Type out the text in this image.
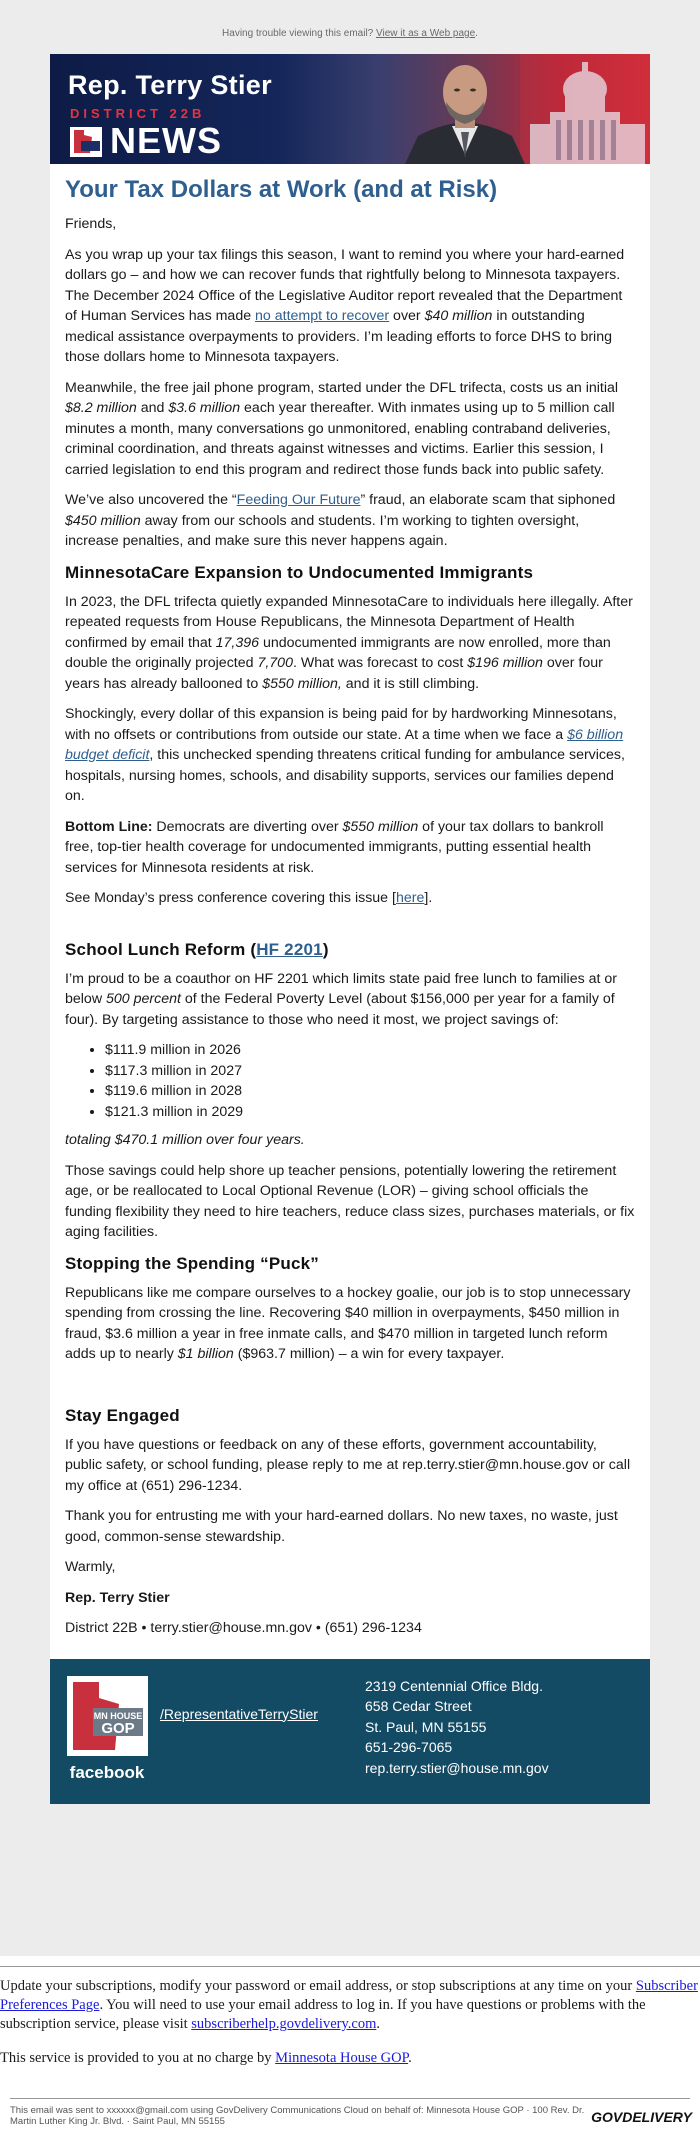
Having trouble viewing this email? View it as a Web page.
Rep. Terry Stier
DISTRICT 22B
NEWS
Your Tax Dollars at Work (and at Risk)

Friends,

As you wrap up your tax filings this season, I want to remind you where your hard-earned dollars go – and how we can recover funds that rightfully belong to Minnesota taxpayers. The December 2024 Office of the Legislative Auditor report revealed that the Department of Human Services has made no attempt to recover over $40 million in outstanding medical assistance overpayments to providers. I’m leading efforts to force DHS to bring those dollars home to Minnesota taxpayers.

Meanwhile, the free jail phone program, started under the DFL trifecta, costs us an initial $8.2 million and $3.6 million each year thereafter. With inmates using up to 5 million call minutes a month, many conversations go unmonitored, enabling contraband deliveries, criminal coordination, and threats against witnesses and victims. Earlier this session, I carried legislation to end this program and redirect those funds back into public safety.

We’ve also uncovered the “Feeding Our Future” fraud, an elaborate scam that siphoned $450 million away from our schools and students. I’m working to tighten oversight, increase penalties, and make sure this never happens again.

MinnesotaCare Expansion to Undocumented Immigrants

In 2023, the DFL trifecta quietly expanded MinnesotaCare to individuals here illegally. After repeated requests from House Republicans, the Minnesota Department of Health confirmed by email that 17,396 undocumented immigrants are now enrolled, more than double the originally projected 7,700. What was forecast to cost $196 million over four years has already ballooned to $550 million, and it is still climbing.

Shockingly, every dollar of this expansion is being paid for by hardworking Minnesotans, with no offsets or contributions from outside our state. At a time when we face a $6 billion budget deficit, this unchecked spending threatens critical funding for ambulance services, hospitals, nursing homes, schools, and disability supports, services our families depend on.

Bottom Line: Democrats are diverting over $550 million of your tax dollars to bankroll free, top-tier health coverage for undocumented immigrants, putting essential health services for Minnesota residents at risk.

See Monday’s press conference covering this issue [here].

School Lunch Reform (HF 2201)

I’m proud to be a coauthor on HF 2201 which limits state paid free lunch to families at or below 500 percent of the Federal Poverty Level (about $156,000 per year for a family of four). By targeting assistance to those who need it most, we project savings of:

• $111.9 million in 2026
• $117.3 million in 2027
• $119.6 million in 2028
• $121.3 million in 2029

totaling $470.1 million over four years.

Those savings could help shore up teacher pensions, potentially lowering the retirement age, or be reallocated to Local Optional Revenue (LOR) – giving school officials the funding flexibility they need to hire teachers, reduce class sizes, purchases materials, or fix aging facilities.

Stopping the Spending “Puck”

Republicans like me compare ourselves to a hockey goalie, our job is to stop unnecessary spending from crossing the line. Recovering $40 million in overpayments, $450 million in fraud, $3.6 million a year in free inmate calls, and $470 million in targeted lunch reform adds up to nearly $1 billion ($963.7 million) – a win for every taxpayer.

Stay Engaged

If you have questions or feedback on any of these efforts, government accountability, public safety, or school funding, please reply to me at rep.terry.stier@mn.house.gov or call my office at (651) 296-1234.

Thank you for entrusting me with your hard-earned dollars. No new taxes, no waste, just good, common-sense stewardship.

Warmly,

Rep. Terry Stier

District 22B • terry.stier@house.mn.gov • (651) 296-1234

MN HOUSE
GOP
facebook
/RepresentativeTerryStier
2319 Centennial Office Bldg.
658 Cedar Street
St. Paul, MN 55155
651-296-7065
rep.terry.stier@house.mn.gov

Update your subscriptions, modify your password or email address, or stop subscriptions at any time on your Subscriber Preferences Page. You will need to use your email address to log in. If you have questions or problems with the subscription service, please visit subscriberhelp.govdelivery.com.

This service is provided to you at no charge by Minnesota House GOP.

This email was sent to xxxxxx@gmail.com using GovDelivery Communications Cloud on behalf of: Minnesota House GOP · 100 Rev. Dr. Martin Luther King Jr. Blvd. · Saint Paul, MN 55155	GOVDELIVERY
